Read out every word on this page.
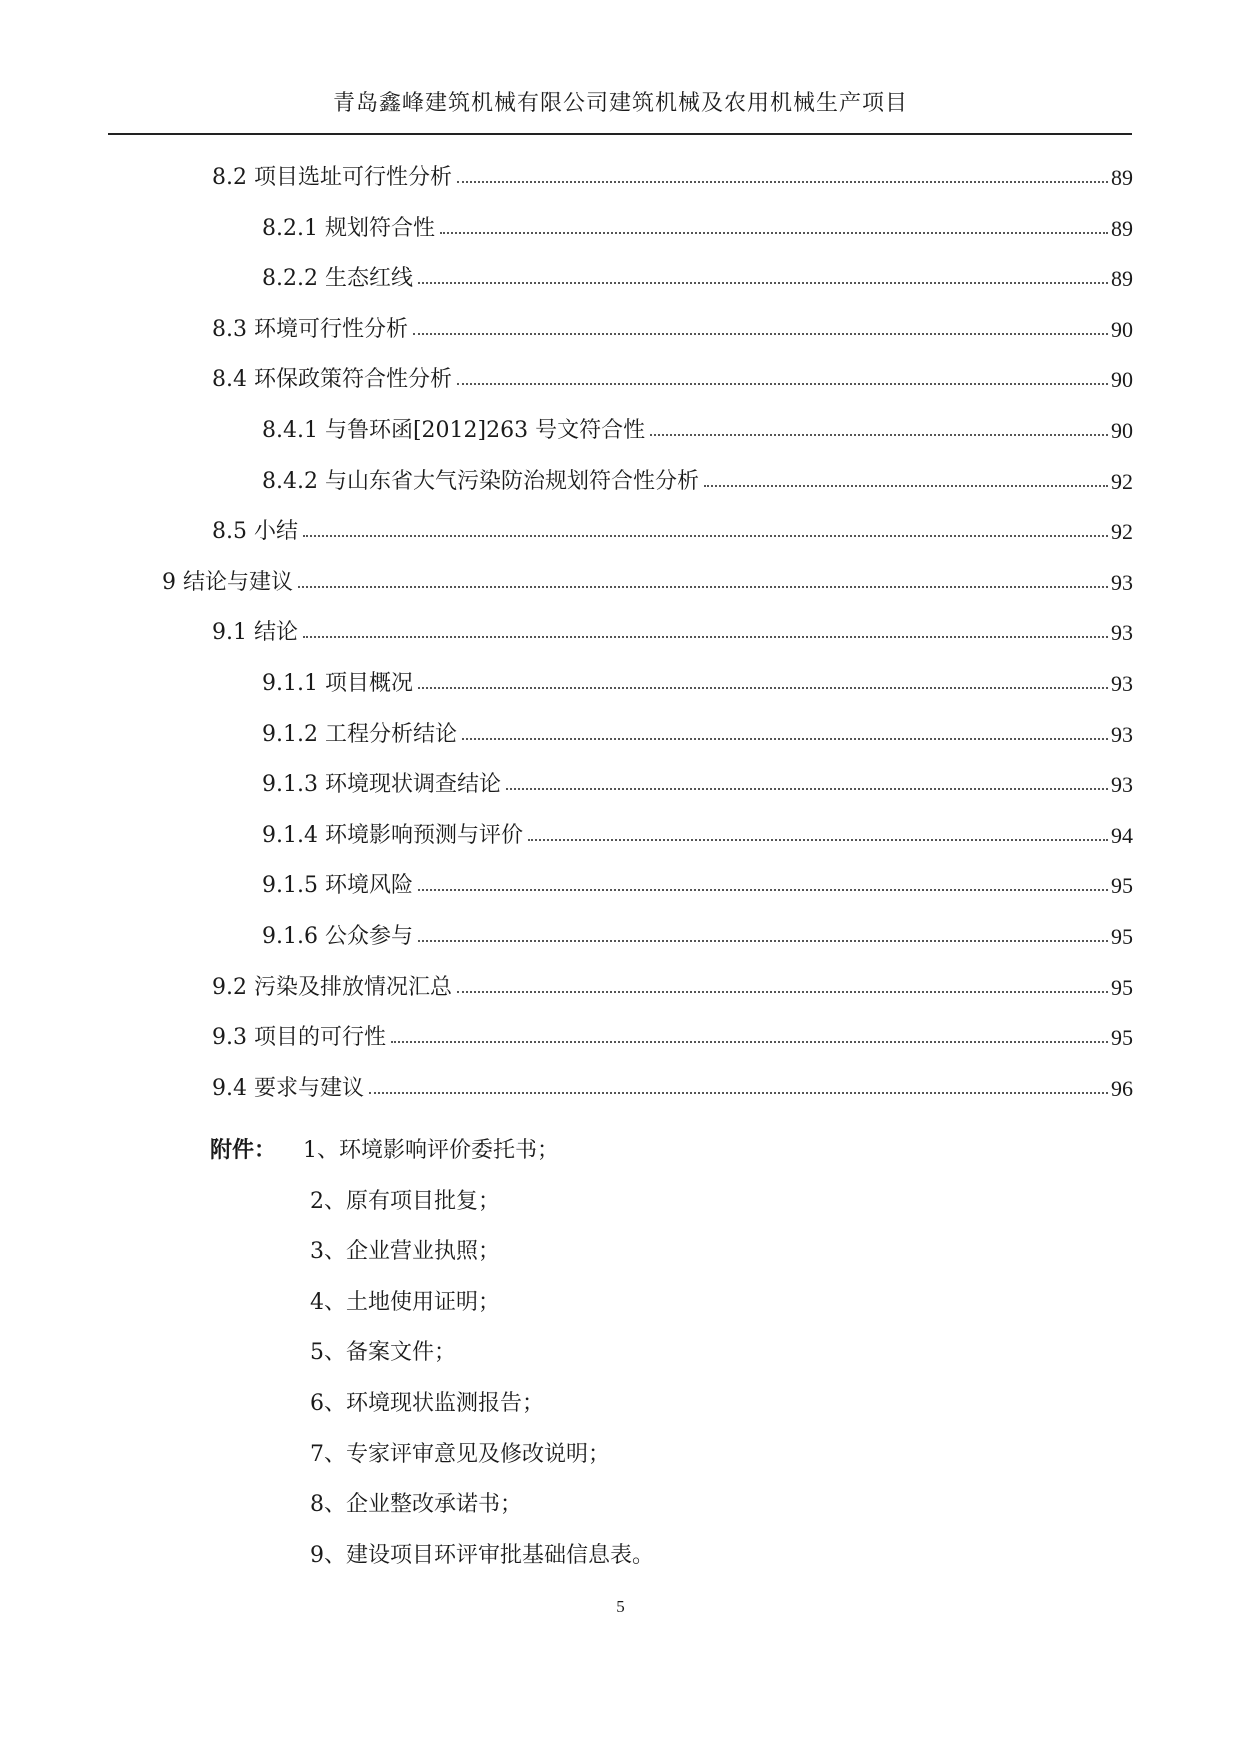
青岛鑫峰建筑机械有限公司建筑机械及农用机械生产项目
8.2 项目选址可行性分析	89
8.2.1 规划符合性	89
8.2.2 生态红线	89
8.3 环境可行性分析	90
8.4 环保政策符合性分析	90
8.4.1 与鲁环函[2012]263 号文符合性	90
8.4.2 与山东省大气污染防治规划符合性分析	92
8.5 小结	92
9 结论与建议	93
9.1 结论	93
9.1.1 项目概况	93
9.1.2 工程分析结论	93
9.1.3 环境现状调查结论	93
9.1.4 环境影响预测与评价	94
9.1.5 环境风险	95
9.1.6 公众参与	95
9.2 污染及排放情况汇总	95
9.3 项目的可行性	95
9.4 要求与建议	96
附件： 1、环境影响评价委托书；
2、原有项目批复；
3、企业营业执照；
4、土地使用证明；
5、备案文件；
6、环境现状监测报告；
7、专家评审意见及修改说明；
8、企业整改承诺书；
9、建设项目环评审批基础信息表。
5
